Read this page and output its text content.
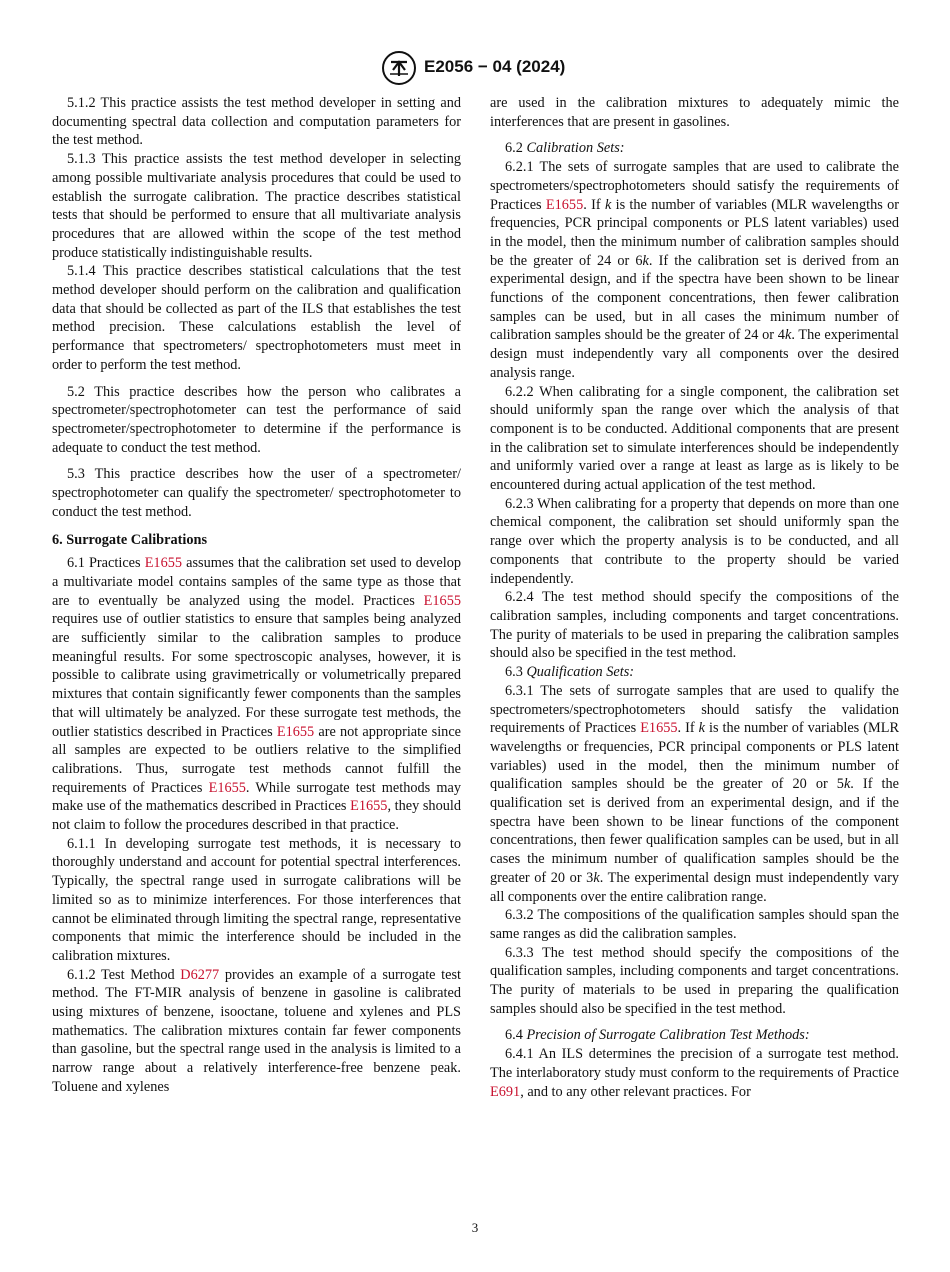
E2056 − 04 (2024)

5.1.2 This practice assists the test method developer in setting and documenting spectral data collection and computation parameters for the test method.

5.1.3 This practice assists the test method developer in selecting among possible multivariate analysis procedures that could be used to establish the surrogate calibration. The practice describes statistical tests that should be performed to ensure that all multivariate analysis procedures that are allowed within the scope of the test method produce statistically indistinguishable results.

5.1.4 This practice describes statistical calculations that the test method developer should perform on the calibration and qualification data that should be collected as part of the ILS that establishes the test method precision. These calculations establish the level of performance that spectrometers/ spectrophotometers must meet in order to perform the test method.

5.2 This practice describes how the person who calibrates a spectrometer/spectrophotometer can test the performance of said spectrometer/spectrophotometer to determine if the performance is adequate to conduct the test method.

5.3 This practice describes how the user of a spectrometer/ spectrophotometer can qualify the spectrometer/ spectrophotometer to conduct the test method.

6. Surrogate Calibrations

6.1 Practices E1655 assumes that the calibration set used to develop a multivariate model contains samples of the same type as those that are to eventually be analyzed using the model. Practices E1655 requires use of outlier statistics to ensure that samples being analyzed are sufficiently similar to the calibration samples to produce meaningful results. For some spectroscopic analyses, however, it is possible to calibrate using gravimetrically or volumetrically prepared mixtures that contain significantly fewer components than the samples that will ultimately be analyzed. For these surrogate test methods, the outlier statistics described in Practices E1655 are not appropriate since all samples are expected to be outliers relative to the simplified calibrations. Thus, surrogate test methods cannot fulfill the requirements of Practices E1655. While surrogate test methods may make use of the mathematics described in Practices E1655, they should not claim to follow the procedures described in that practice.

6.1.1 In developing surrogate test methods, it is necessary to thoroughly understand and account for potential spectral interferences. Typically, the spectral range used in surrogate calibrations will be limited so as to minimize interferences. For those interferences that cannot be eliminated through limiting the spectral range, representative components that mimic the interference should be included in the calibration mixtures.

6.1.2 Test Method D6277 provides an example of a surrogate test method. The FT-MIR analysis of benzene in gasoline is calibrated using mixtures of benzene, isooctane, toluene and xylenes and PLS mathematics. The calibration mixtures contain far fewer components than gasoline, but the spectral range used in the analysis is limited to a narrow range about a relatively interference-free benzene peak. Toluene and xylenes

are used in the calibration mixtures to adequately mimic the interferences that are present in gasolines.

6.2 Calibration Sets:

6.2.1 The sets of surrogate samples that are used to calibrate the spectrometers/spectrophotometers should satisfy the requirements of Practices E1655. If k is the number of variables (MLR wavelengths or frequencies, PCR principal components or PLS latent variables) used in the model, then the minimum number of calibration samples should be the greater of 24 or 6k. If the calibration set is derived from an experimental design, and if the spectra have been shown to be linear functions of the component concentrations, then fewer calibration samples can be used, but in all cases the minimum number of calibration samples should be the greater of 24 or 4k. The experimental design must independently vary all components over the desired analysis range.

6.2.2 When calibrating for a single component, the calibration set should uniformly span the range over which the analysis of that component is to be conducted. Additional components that are present in the calibration set to simulate interferences should be independently and uniformly varied over a range at least as large as is likely to be encountered during actual application of the test method.

6.2.3 When calibrating for a property that depends on more than one chemical component, the calibration set should uniformly span the range over which the property analysis is to be conducted, and all components that contribute to the property should be varied independently.

6.2.4 The test method should specify the compositions of the calibration samples, including components and target concentrations. The purity of materials to be used in preparing the calibration samples should also be specified in the test method.

6.3 Qualification Sets:

6.3.1 The sets of surrogate samples that are used to qualify the spectrometers/spectrophotometers should satisfy the validation requirements of Practices E1655. If k is the number of variables (MLR wavelengths or frequencies, PCR principal components or PLS latent variables) used in the model, then the minimum number of qualification samples should be the greater of 20 or 5k. If the qualification set is derived from an experimental design, and if the spectra have been shown to be linear functions of the component concentrations, then fewer qualification samples can be used, but in all cases the minimum number of qualification samples should be the greater of 20 or 3k. The experimental design must independently vary all components over the entire calibration range.

6.3.2 The compositions of the qualification samples should span the same ranges as did the calibration samples.

6.3.3 The test method should specify the compositions of the qualification samples, including components and target concentrations. The purity of materials to be used in preparing the qualification samples should also be specified in the test method.

6.4 Precision of Surrogate Calibration Test Methods:

6.4.1 An ILS determines the precision of a surrogate test method. The interlaboratory study must conform to the requirements of Practice E691, and to any other relevant practices. For

3
